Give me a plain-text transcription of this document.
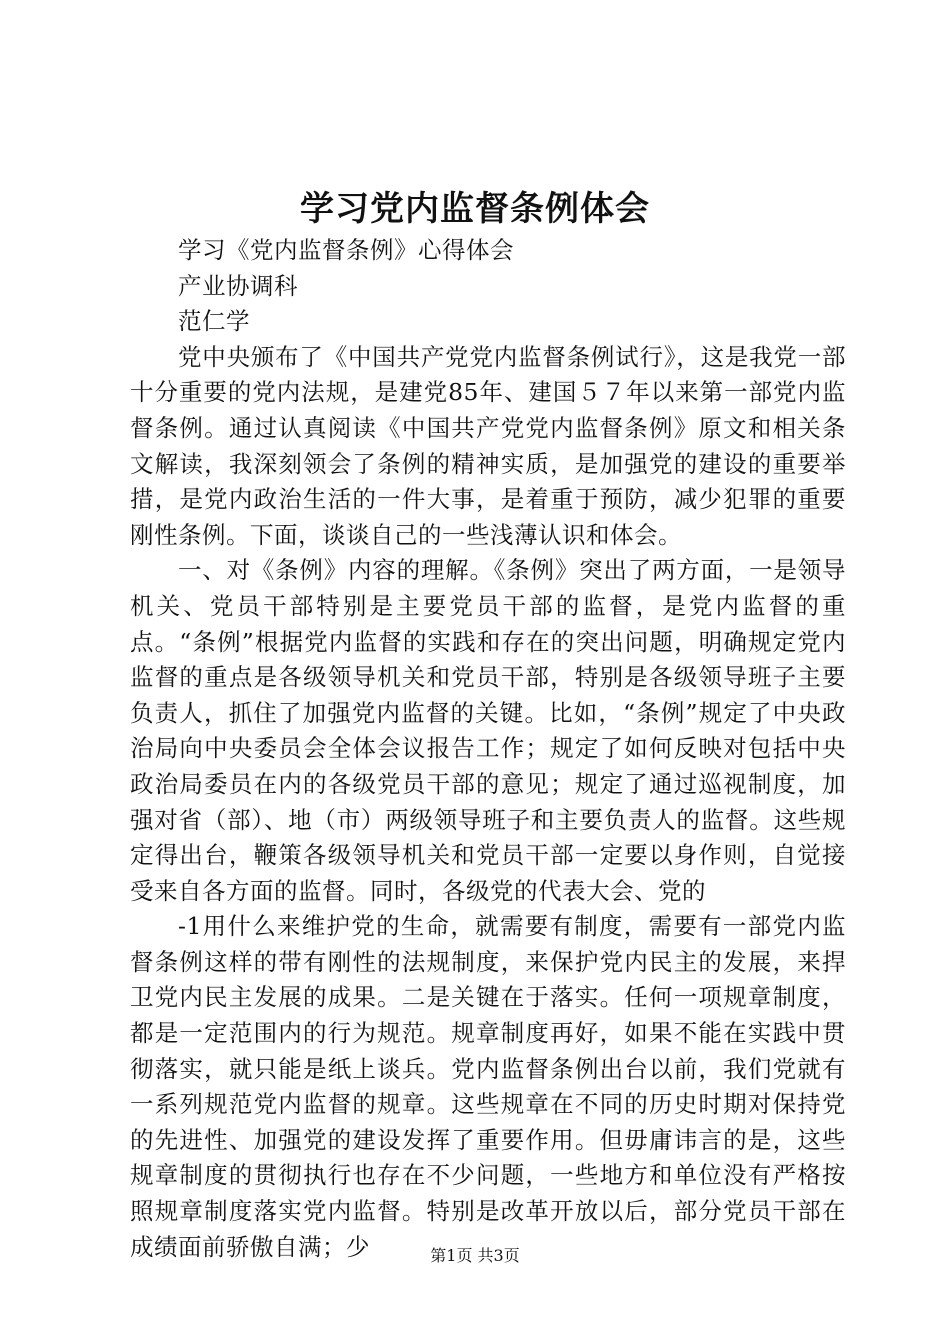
学习党内监督条例体会

学习《党内监督条例》心得体会

产业协调科

范仁学

党中央颁布了《中国共产党党内监督条例试行》，这是我党一部十分重要的党内法规，是建党85年、建国５７年以来第一部党内监督条例。通过认真阅读《中国共产党党内监督条例》原文和相关条文解读，我深刻领会了条例的精神实质，是加强党的建设的重要举措，是党内政治生活的一件大事，是着重于预防，减少犯罪的重要刚性条例。下面，谈谈自己的一些浅薄认识和体会。

一、对《条例》内容的理解。《条例》突出了两方面，一是领导机关、党员干部特别是主要党员干部的监督，是党内监督的重点。“条例”根据党内监督的实践和存在的突出问题，明确规定党内监督的重点是各级领导机关和党员干部，特别是各级领导班子主要负责人，抓住了加强党内监督的关键。比如，“条例”规定了中央政治局向中央委员会全体会议报告工作；规定了如何反映对包括中央政治局委员在内的各级党员干部的意见；规定了通过巡视制度，加强对省（部）、地（市）两级领导班子和主要负责人的监督。这些规定得出台，鞭策各级领导机关和党员干部一定要以身作则，自觉接受来自各方面的监督。同时，各级党的代表大会、党的

-1用什么来维护党的生命，就需要有制度，需要有一部党内监督条例这样的带有刚性的法规制度，来保护党内民主的发展，来捍卫党内民主发展的成果。二是关键在于落实。任何一项规章制度，都是一定范围内的行为规范。规章制度再好，如果不能在实践中贯彻落实，就只能是纸上谈兵。党内监督条例出台以前，我们党就有一系列规范党内监督的规章。这些规章在不同的历史时期对保持党的先进性、加强党的建设发挥了重要作用。但毋庸讳言的是，这些规章制度的贯彻执行也存在不少问题，一些地方和单位没有严格按照规章制度落实党内监督。特别是改革开放以后，部分党员干部在成绩面前骄傲自满；少	第1页 共3页
